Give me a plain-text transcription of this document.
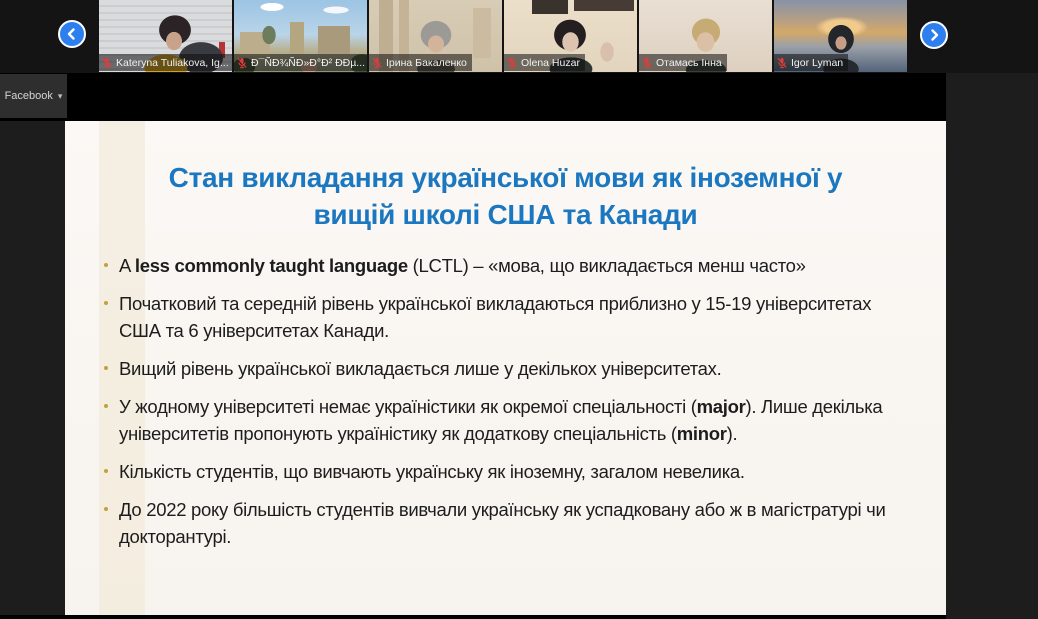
Kateryna Tuliakova, Ig... Đ¯ÑĐ¾ÑĐ»Đ°Đ² ĐĐµ... Ірина Бакаленко	Olena Huzar	Отамась Інна	Igor Lyman
Facebook ▾
Стан викладання української мови як іноземної у
вищій школі США та Канади
A less commonly taught language (LCTL) – «мова, що викладається менш часто»
Початковий та середній рівень української викладаються приблизно у 15-19 університетах США та 6 університетах Канади.
Вищий рівень української викладається лише у декількох університетах.
У жодному університеті немає україністики як окремої спеціальності (major). Лише декілька університетів пропонують україністику як додаткову спеціальність (minor).
Кількість студентів, що вивчають українську як іноземну, загалом невелика.
До 2022 року більшість студентів вивчали українську як успадковану або ж в магістратурі чи докторантурі.
